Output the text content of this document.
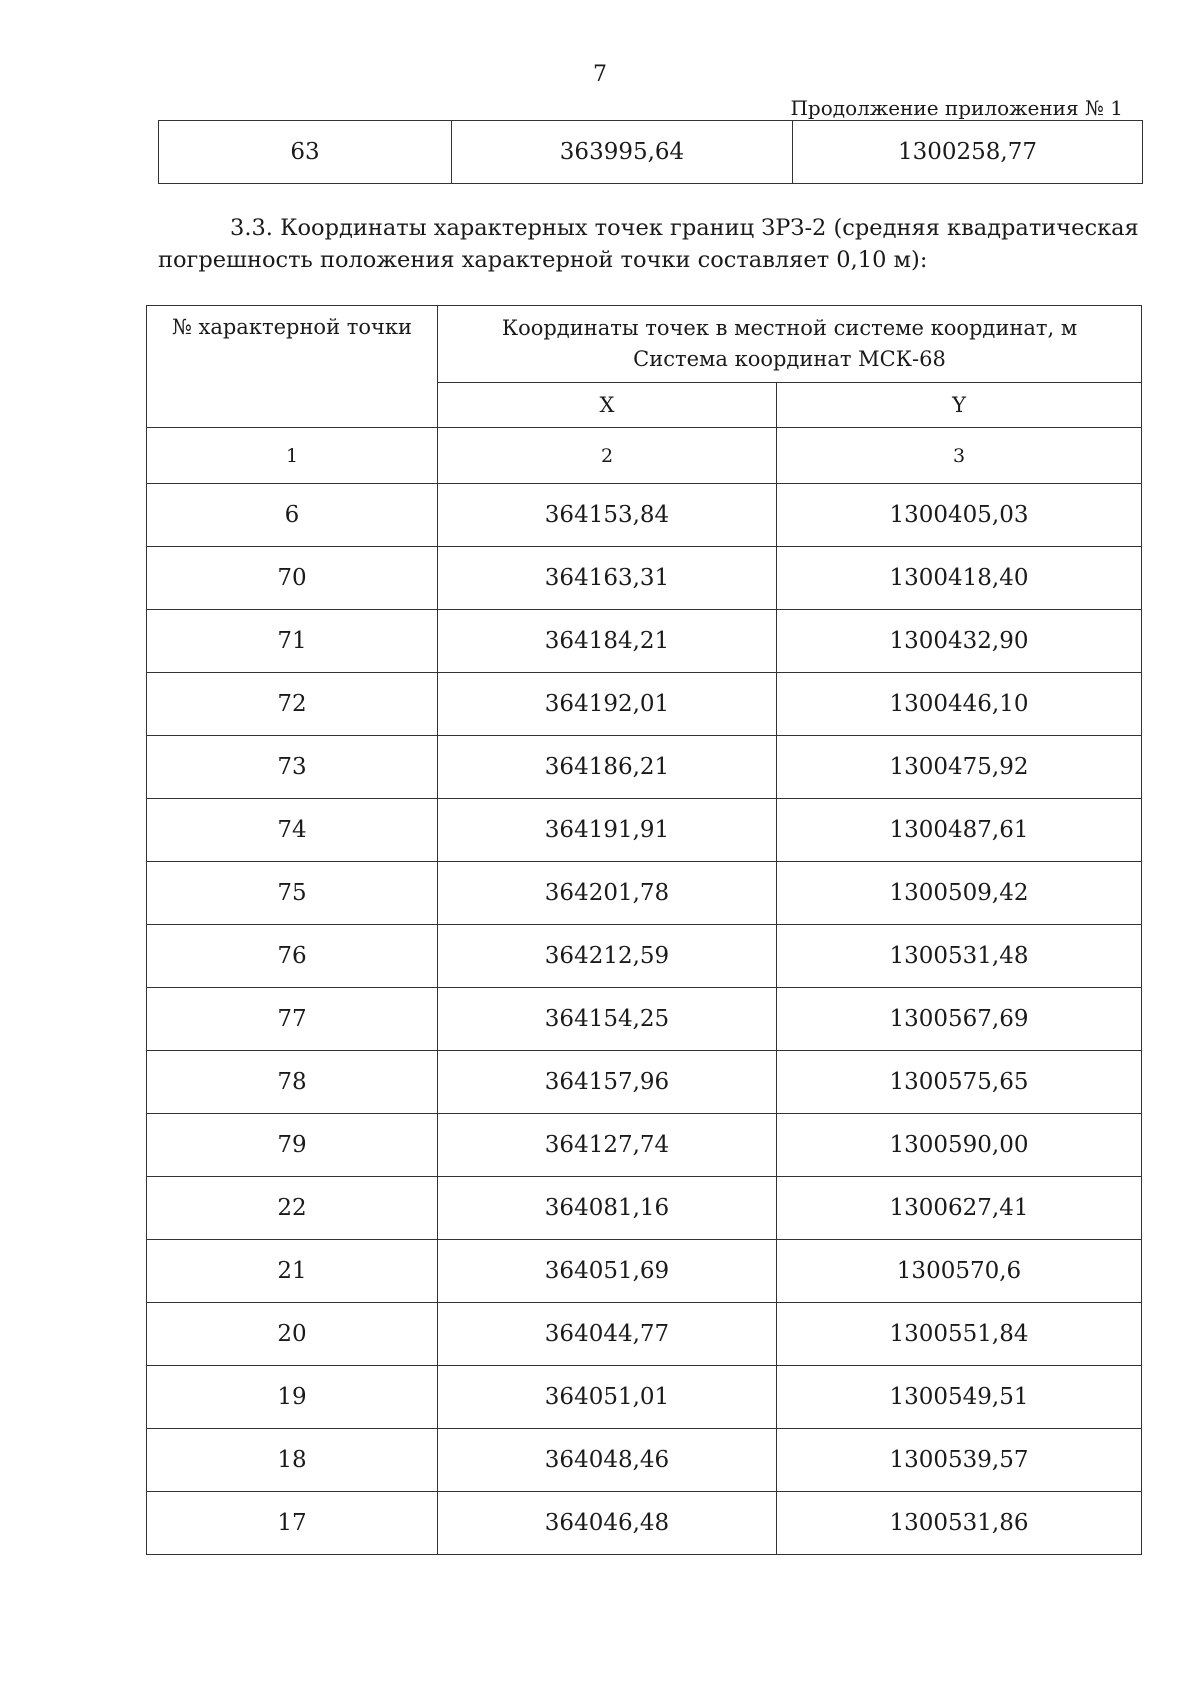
7
Продолжение приложения № 1
63	363995,64	1300258,77
3.3. Координаты характерных точек границ ЗРЗ-2 (средняя квадратическая погрешность положения характерной точки составляет 0,10 м):
№ характерной точки	Координаты точек в местной системе координат, м
Система координат МСК-68	

	X	Y
1	2	3
6	364153,84	1300405,03
70	364163,31	1300418,40
71	364184,21	1300432,90
72	364192,01	1300446,10
73	364186,21	1300475,92
74	364191,91	1300487,61
75	364201,78	1300509,42
76	364212,59	1300531,48
77	364154,25	1300567,69
78	364157,96	1300575,65
79	364127,74	1300590,00
22	364081,16	1300627,41
21	364051,69	1300570,6
20	364044,77	1300551,84
19	364051,01	1300549,51
18	364048,46	1300539,57
17	364046,48	1300531,86
